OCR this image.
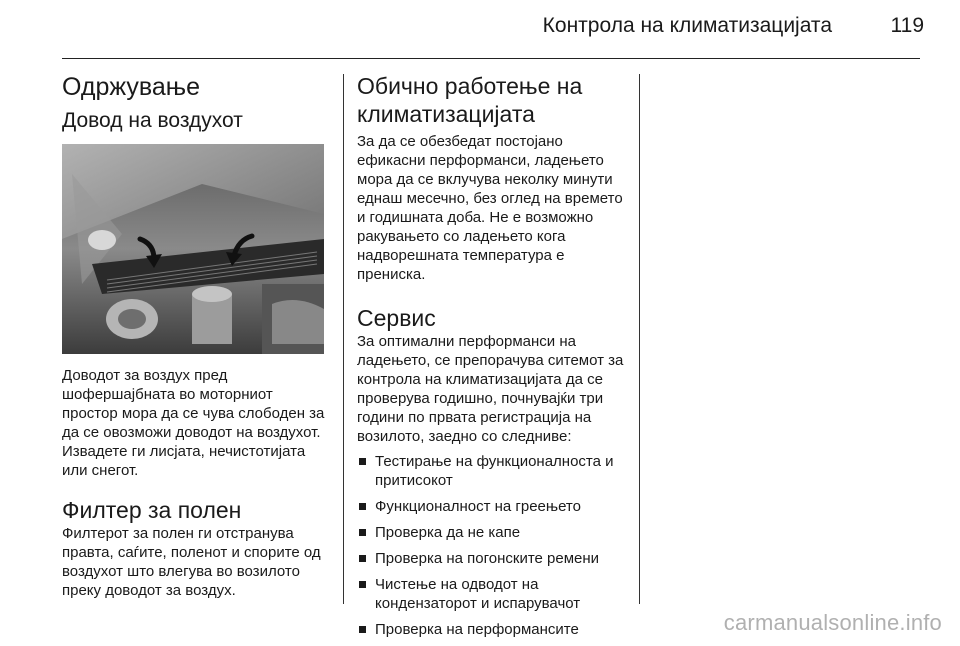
Контрола на климатизацијата	119
Одржување
Довод на воздухот

Доводот за воздух пред шофершајбната во моторниот простор мора да се чува слободен за да се овозможи доводот на воздухот. Извадете ги лисјата, нечистотијата или снегот.

Филтер за полен

Филтерот за полен ги отстранува правта, саѓите, поленот и спорите од воздухот што влегува во возилото преку доводот за воздух.

Обично работење на климатизацијата

За да се обезбедат постојано ефикасни перформанси, ладењето мора да се вклучува неколку минути еднаш месечно, без оглед на времето и годишната доба. Не е возможно ракувањето со ладењето кога надворешната температура е прениска.

Сервис

За оптимални перформанси на ладењето, се препорачува ситемот за контрола на климатизацијата да се проверува годишно, почнувајќи три години по првата регистрација на возилото, заедно со следниве:

Тестирање на функционалноста и притисокот
Функционалност на греењето
Проверка да не капе
Проверка на погонските ремени
Чистење на одводот на кондензаторот и испарувачот
Проверка на перформансите	carmanualsonline.info
